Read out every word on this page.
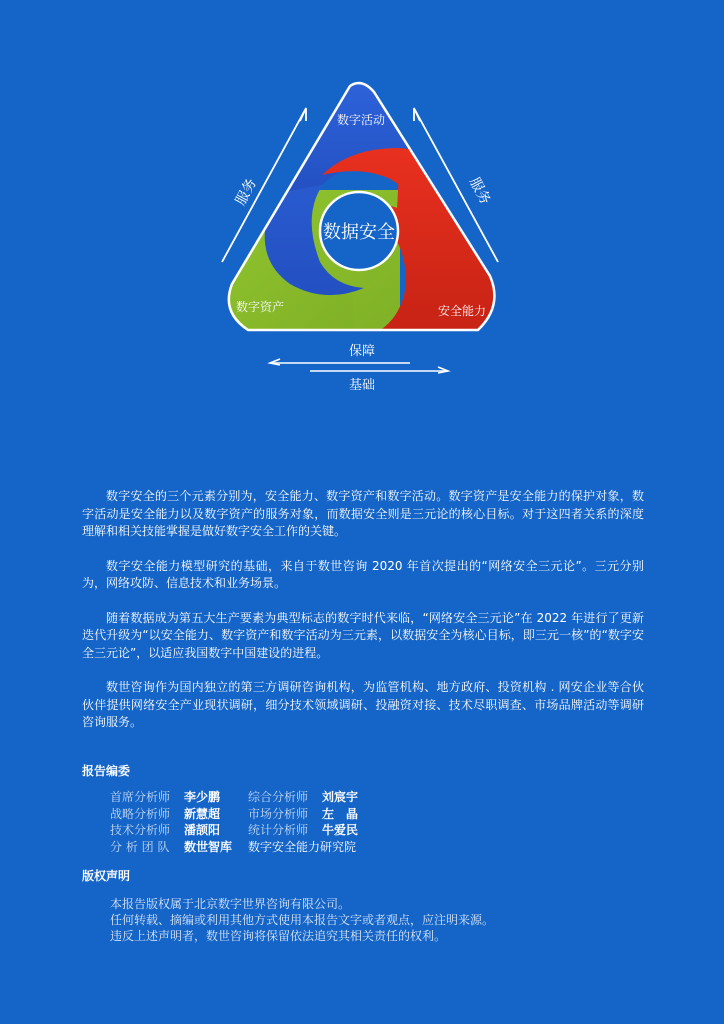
数据安全
数字活动
数字资产	安全能力
服务	服务
保障
基础

数字安全的三个元素分别为，安全能力、数字资产和数字活动。数字资产是安全能力的保护对象，数字活动是安全能力以及数字资产的服务对象，而数据安全则是三元论的核心目标。对于这四者关系的深度理解和相关技能掌握是做好数字安全工作的关键。

数字安全能力模型研究的基础，来自于数世咨询 2020 年首次提出的“网络安全三元论”。三元分别为，网络攻防、信息技术和业务场景。

随着数据成为第五大生产要素为典型标志的数字时代来临，“网络安全三元论”在 2022 年进行了更新迭代升级为“以安全能力、数字资产和数字活动为三元素，以数据安全为核心目标，即三元一核”的“数字安全三元论”，以适应我国数字中国建设的进程。

数世咨询作为国内独立的第三方调研咨询机构，为监管机构、地方政府、投资机构 . 网安企业等合伙伙伴提供网络安全产业现状调研，细分技术领域调研、投融资对接、技术尽职调查、市场品牌活动等调研咨询服务。

报告编委
首席分析师	李少鹏	综合分析师	刘宸宇
战略分析师	新慧超	市场分析师	左　晶
技术分析师	潘颉阳	统计分析师	牛爱民
分 析 团 队	数世智库	数字安全能力研究院
版权声明
本报告版权属于北京数字世界咨询有限公司。
任何转载、摘编或利用其他方式使用本报告文字或者观点，应注明来源。
违反上述声明者，数世咨询将保留依法追究其相关责任的权利。
